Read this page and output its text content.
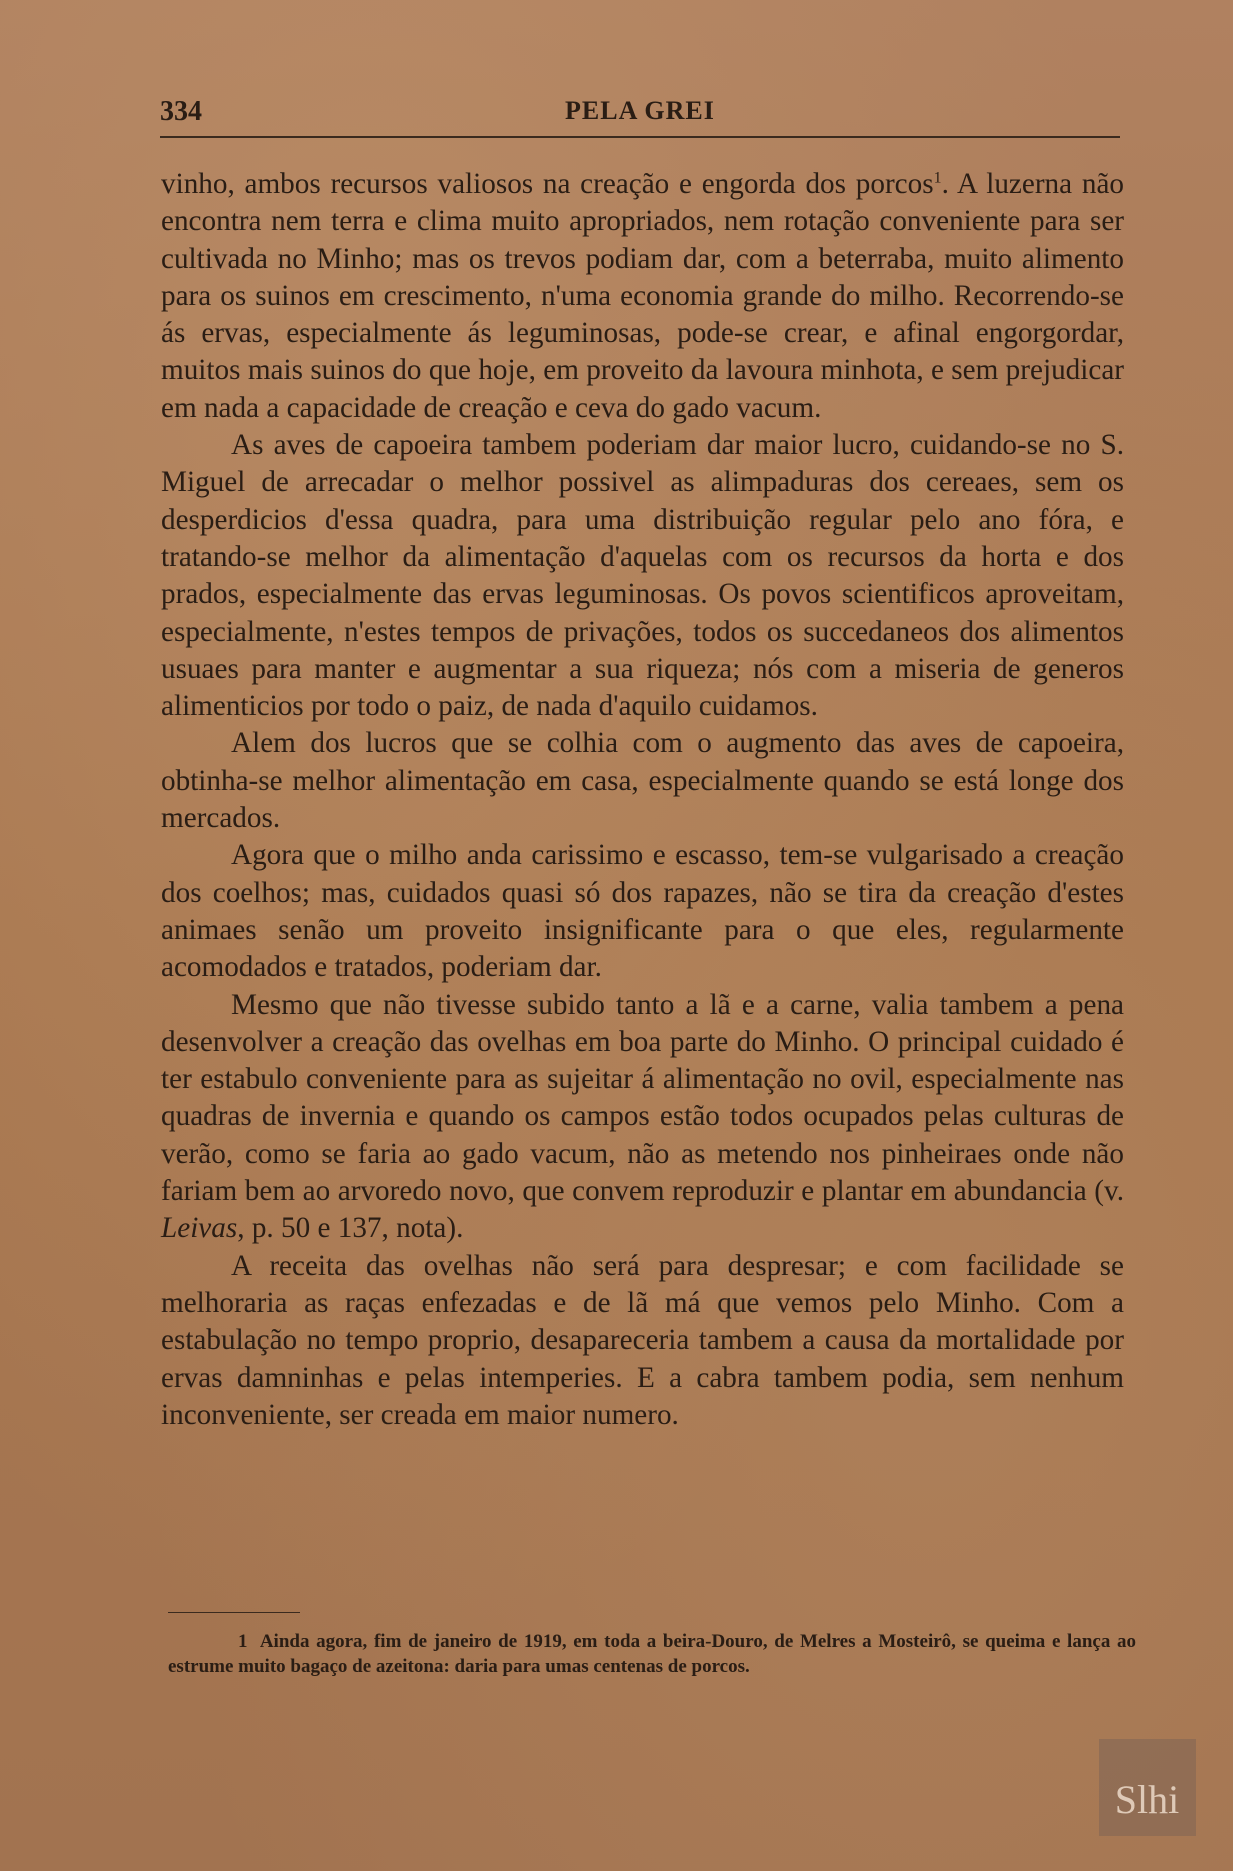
334	PELA GREI

vinho, ambos recursos valiosos na creação e engorda dos porcos$^1$. A luzerna não encontra nem terra e clima muito apropriados, nem rotação conveniente para ser cultivada no Minho; mas os trevos podiam dar, com a beterraba, muito alimento para os suinos em crescimento, n'uma economia grande do milho. Recorrendo-se ás ervas, especialmente ás leguminosas, pode-se crear, e afinal engorgordar, muitos mais suinos do que hoje, em proveito da lavoura minhota, e sem prejudicar em nada a capacidade de creação e ceva do gado vacum.

As aves de capoeira tambem poderiam dar maior lucro, cuidando-se no S. Miguel de arrecadar o melhor possivel as alimpaduras dos cereaes, sem os desperdicios d'essa quadra, para uma distribuição regular pelo ano fóra, e tratando-se melhor da alimentação d'aquelas com os recursos da horta e dos prados, especialmente das ervas leguminosas. Os povos scientificos aproveitam, especialmente, n'estes tempos de privações, todos os succedaneos dos alimentos usuaes para manter e augmentar a sua riqueza; nós com a miseria de generos alimenticios por todo o paiz, de nada d'aquilo cuidamos.

Alem dos lucros que se colhia com o augmento das aves de capoeira, obtinha-se melhor alimentação em casa, especialmente quando se está longe dos mercados.

Agora que o milho anda carissimo e escasso, tem-se vulgarisado a creação dos coelhos; mas, cuidados quasi só dos rapazes, não se tira da creação d'estes animaes senão um proveito insignificante para o que eles, regularmente acomodados e tratados, poderiam dar.

Mesmo que não tivesse subido tanto a lã e a carne, valia tambem a pena desenvolver a creação das ovelhas em boa parte do Minho. O principal cuidado é ter estabulo conveniente para as sujeitar á alimentação no ovil, especialmente nas quadras de invernia e quando os campos estão todos ocupados pelas culturas de verão, como se faria ao gado vacum, não as metendo nos pinheiraes onde não fariam bem ao arvoredo novo, que convem reproduzir e plantar em abundancia (v. Leivas, p. 50 e 137, nota).

A receita das ovelhas não será para despresar; e com facilidade se melhoraria as raças enfezadas e de lã má que vemos pelo Minho. Com a estabulação no tempo proprio, desapareceria tambem a causa da mortalidade por ervas damninhas e pelas intemperies. E a cabra tambem podia, sem nenhum inconveniente, ser creada em maior numero.

1 Ainda agora, fim de janeiro de 1919, em toda a beira-Douro, de Melres a Mosteirô, se queima e lança ao estrume muito bagaço de azeitona: daria para umas centenas de porcos.

Slhi
